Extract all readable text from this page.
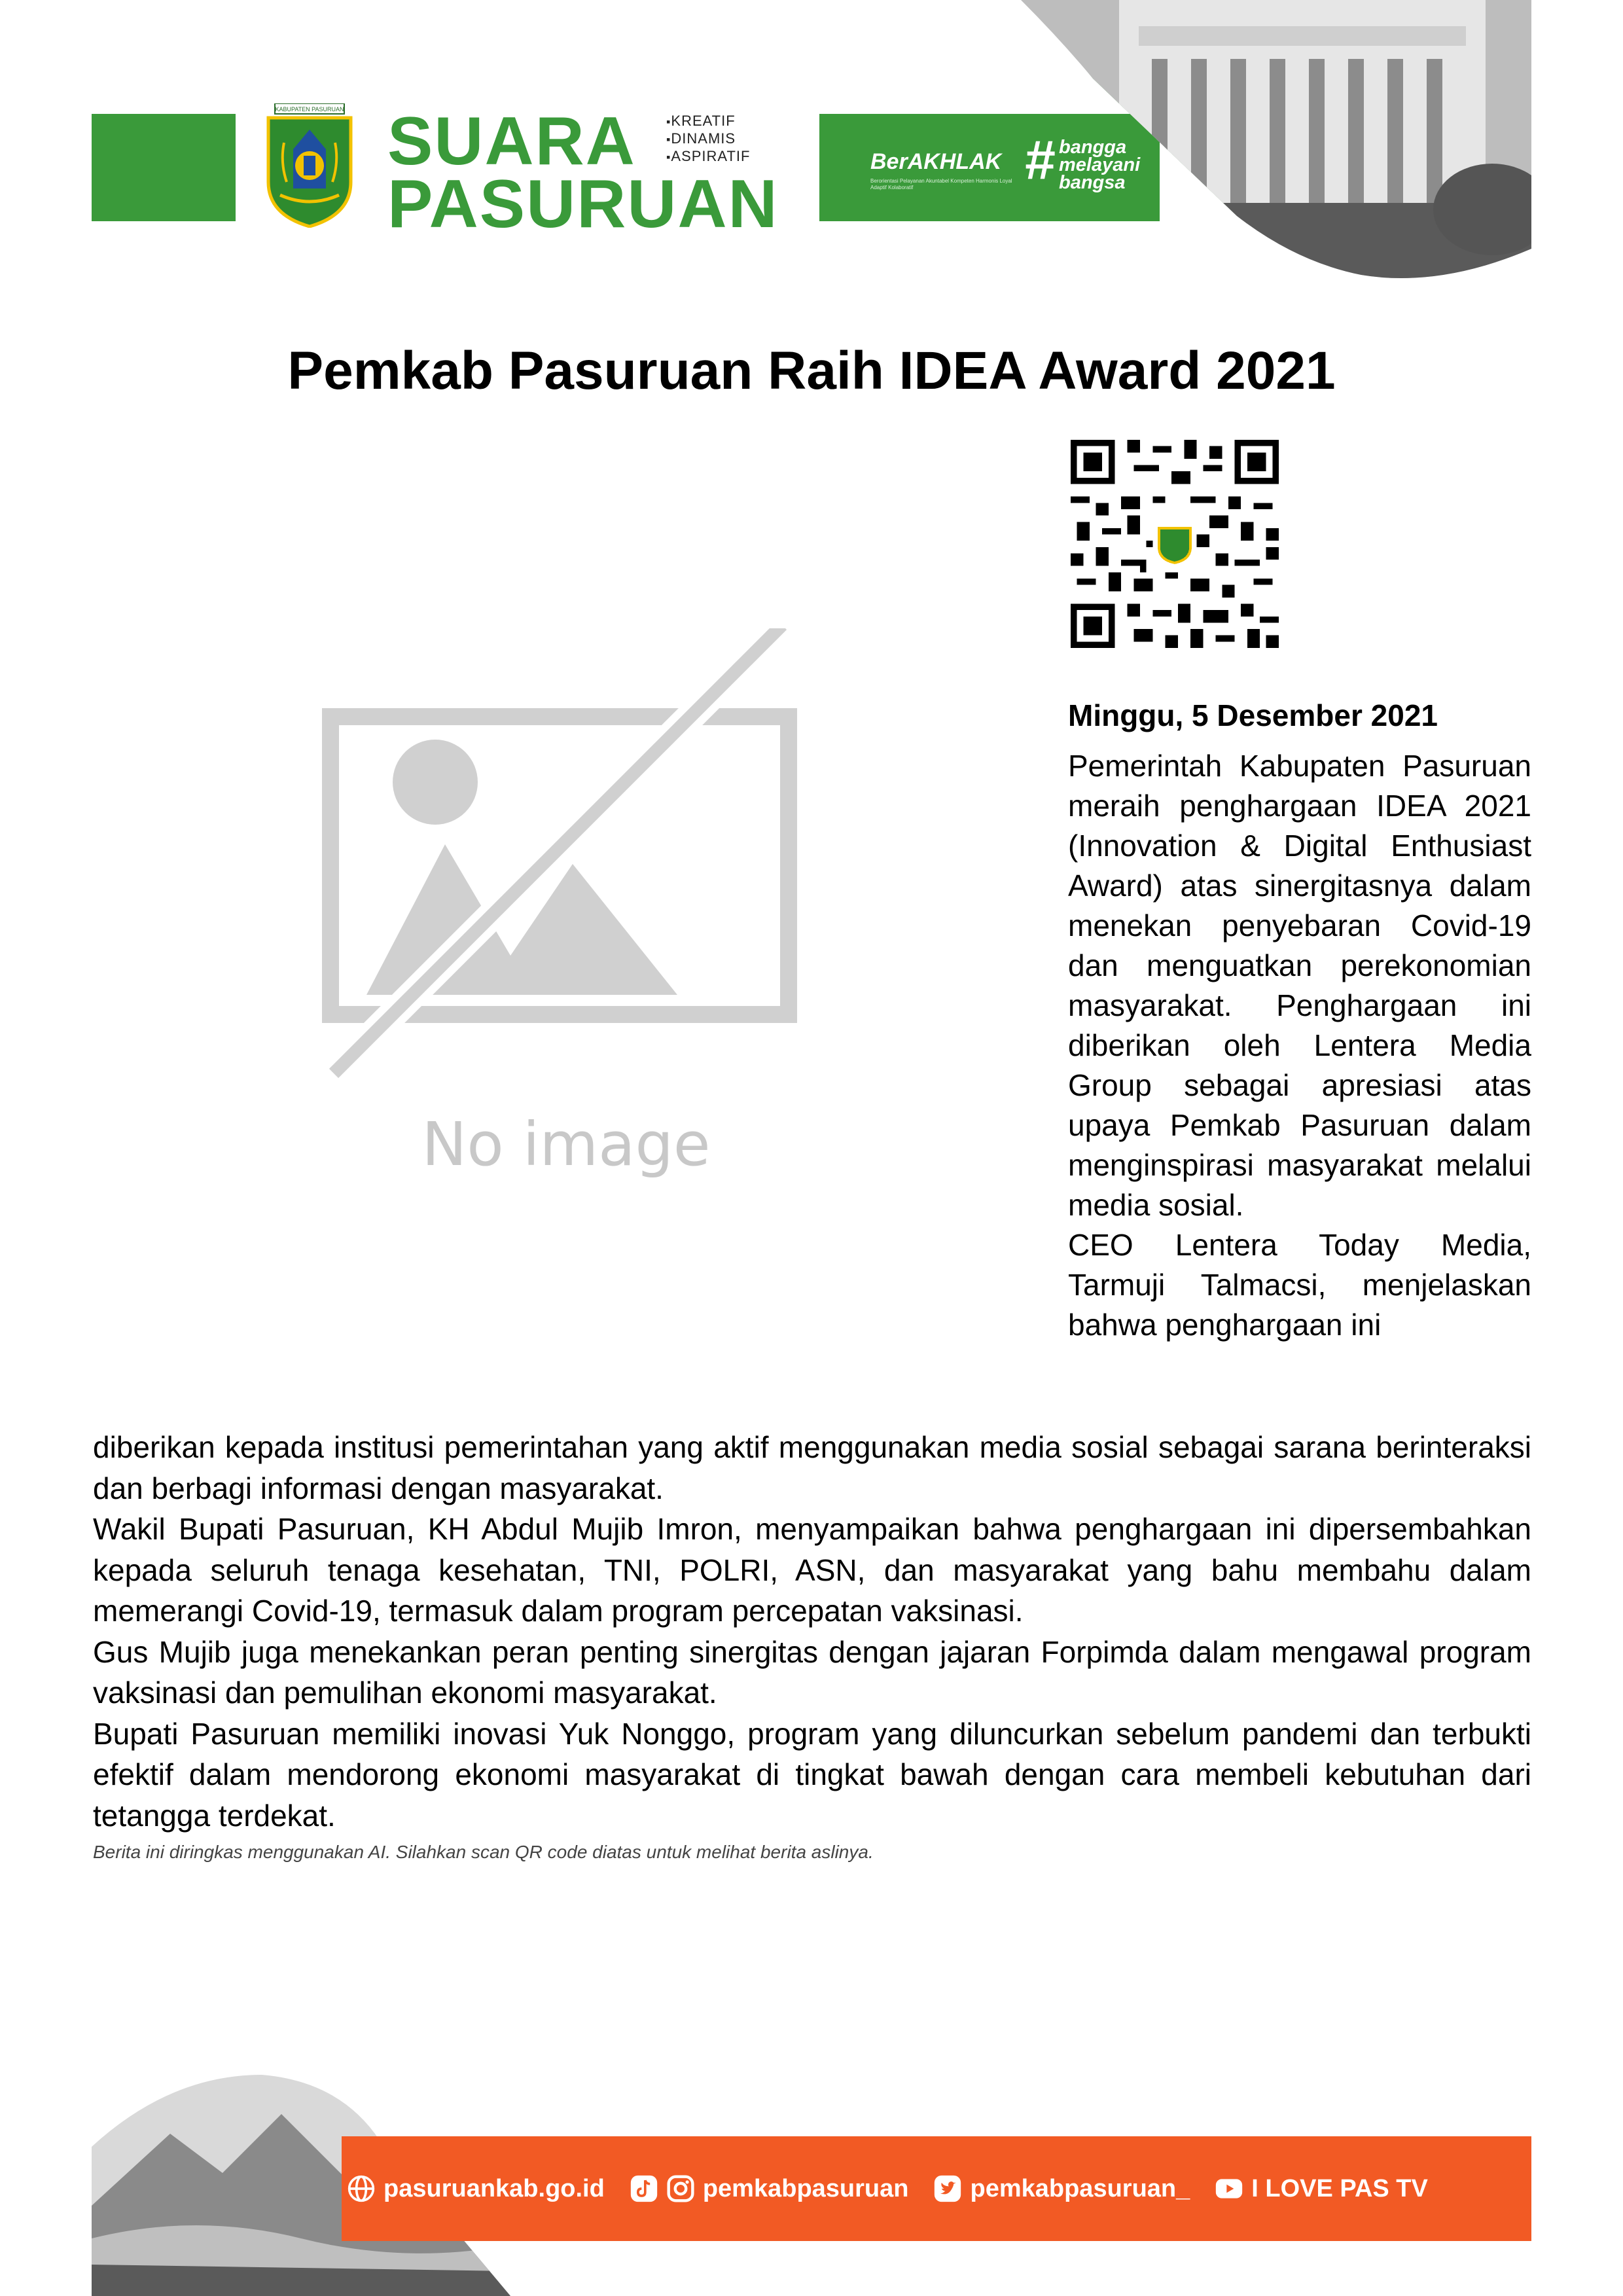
KABUPATEN PASURUAN SUARA
PASURUAN
▪ KREATIF
▪ DINAMIS
▪ ASPIRATIF	BerAKHLAK
Berorientasi Pelayanan Akuntabel Kompeten Harmonis Loyal Adaptif Kolaboratif	# bangga
melayani
bangsa
Pemkab Pasuruan Raih IDEA Award 2021
No image
Minggu, 5 Desember 2021

Pemerintah Kabupaten Pasuruan meraih penghargaan IDEA 2021 (Innovation & Digital Enthusiast Award) atas sinergitasnya dalam menekan penyebaran Covid-19 dan menguatkan perekonomian masyarakat. Penghargaan ini diberikan oleh Lentera Media Group sebagai apresiasi atas upaya Pemkab Pasuruan dalam menginspirasi masyarakat melalui media sosial.

CEO Lentera Today Media, Tarmuji Talmacsi, menjelaskan bahwa penghargaan ini

diberikan kepada institusi pemerintahan yang aktif menggunakan media sosial sebagai sarana berinteraksi dan berbagi informasi dengan masyarakat.

Wakil Bupati Pasuruan, KH Abdul Mujib Imron, menyampaikan bahwa penghargaan ini dipersembahkan kepada seluruh tenaga kesehatan, TNI, POLRI, ASN, dan masyarakat yang bahu membahu dalam memerangi Covid-19, termasuk dalam program percepatan vaksinasi.

Gus Mujib juga menekankan peran penting sinergitas dengan jajaran Forpimda dalam mengawal program vaksinasi dan pemulihan ekonomi masyarakat.

Bupati Pasuruan memiliki inovasi Yuk Nonggo, program yang diluncurkan sebelum pandemi dan terbukti efektif dalam mendorong ekonomi masyarakat di tingkat bawah dengan cara membeli kebutuhan dari tetangga terdekat.

Berita ini diringkas menggunakan AI. Silahkan scan QR code diatas untuk melihat berita aslinya.
pasuruankab.go.id	pemkabpasuruan pemkabpasuruan_ I LOVE PAS TV
